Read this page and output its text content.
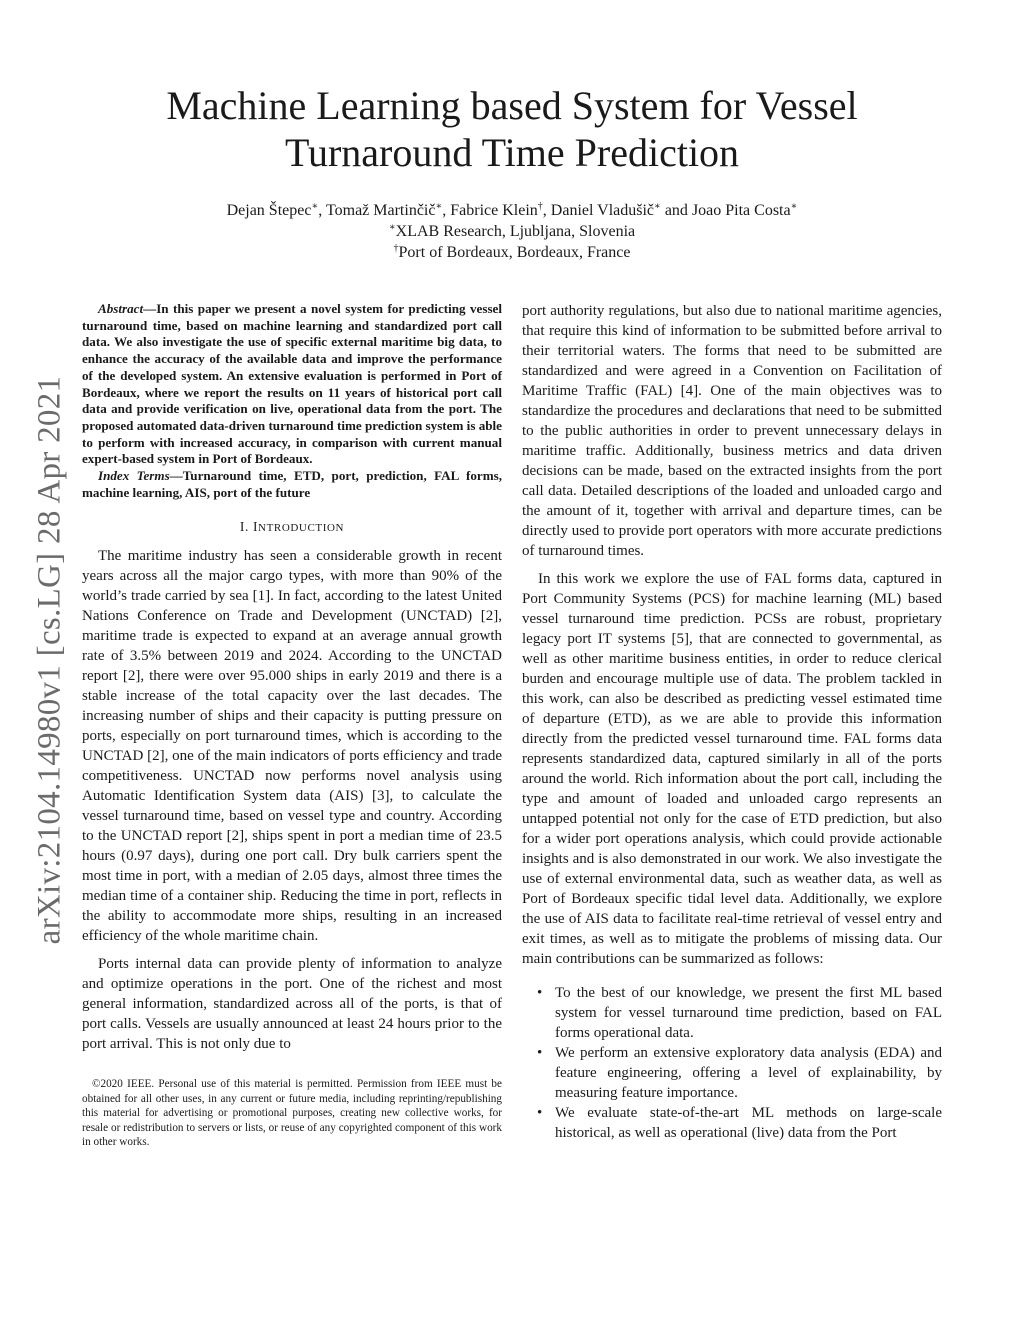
arXiv:2104.14980v1 [cs.LG] 28 Apr 2021
Machine Learning based System for Vessel
Turnaround Time Prediction
Dejan Štepec∗, Tomaž Martinčič∗, Fabrice Klein†, Daniel Vladušič∗ and Joao Pita Costa∗
∗XLAB Research, Ljubljana, Slovenia
†Port of Bordeaux, Bordeaux, France

Abstract—In this paper we present a novel system for predicting vessel turnaround time, based on machine learning and standardized port call data. We also investigate the use of specific external maritime big data, to enhance the accuracy of the available data and improve the performance of the developed system. An extensive evaluation is performed in Port of Bordeaux, where we report the results on 11 years of historical port call data and provide verification on live, operational data from the port. The proposed automated data-driven turnaround time prediction system is able to perform with increased accuracy, in comparison with current manual expert-based system in Port of Bordeaux.

Index Terms—Turnaround time, ETD, port, prediction, FAL forms, machine learning, AIS, port of the future

I. INTRODUCTION

The maritime industry has seen a considerable growth in recent years across all the major cargo types, with more than 90% of the world’s trade carried by sea [1]. In fact, according to the latest United Nations Conference on Trade and Development (UNCTAD) [2], maritime trade is expected to expand at an average annual growth rate of 3.5% between 2019 and 2024. According to the UNCTAD report [2], there were over 95.000 ships in early 2019 and there is a stable increase of the total capacity over the last decades. The increasing number of ships and their capacity is putting pressure on ports, especially on port turnaround times, which is according to the UNCTAD [2], one of the main indicators of ports efficiency and trade competitiveness. UNCTAD now performs novel analysis using Automatic Identification System data (AIS) [3], to calculate the vessel turnaround time, based on vessel type and country. According to the UNCTAD report [2], ships spent in port a median time of 23.5 hours (0.97 days), during one port call. Dry bulk carriers spent the most time in port, with a median of 2.05 days, almost three times the median time of a container ship. Reducing the time in port, reflects in the ability to accommodate more ships, resulting in an increased efficiency of the whole maritime chain.

Ports internal data can provide plenty of information to analyze and optimize operations in the port. One of the richest and most general information, standardized across all of the ports, is that of port calls. Vessels are usually announced at least 24 hours prior to the port arrival. This is not only due to

©2020 IEEE. Personal use of this material is permitted. Permission from IEEE must be obtained for all other uses, in any current or future media, including reprinting/republishing this material for advertising or promotional purposes, creating new collective works, for resale or redistribution to servers or lists, or reuse of any copyrighted component of this work in other works.

port authority regulations, but also due to national maritime agencies, that require this kind of information to be submitted before arrival to their territorial waters. The forms that need to be submitted are standardized and were agreed in a Convention on Facilitation of Maritime Traffic (FAL) [4]. One of the main objectives was to standardize the procedures and declarations that need to be submitted to the public authorities in order to prevent unnecessary delays in maritime traffic. Additionally, business metrics and data driven decisions can be made, based on the extracted insights from the port call data. Detailed descriptions of the loaded and unloaded cargo and the amount of it, together with arrival and departure times, can be directly used to provide port operators with more accurate predictions of turnaround times.

In this work we explore the use of FAL forms data, captured in Port Community Systems (PCS) for machine learning (ML) based vessel turnaround time prediction. PCSs are robust, proprietary legacy port IT systems [5], that are connected to governmental, as well as other maritime business entities, in order to reduce clerical burden and encourage multiple use of data. The problem tackled in this work, can also be described as predicting vessel estimated time of departure (ETD), as we are able to provide this information directly from the predicted vessel turnaround time. FAL forms data represents standardized data, captured similarly in all of the ports around the world. Rich information about the port call, including the type and amount of loaded and unloaded cargo represents an untapped potential not only for the case of ETD prediction, but also for a wider port operations analysis, which could provide actionable insights and is also demonstrated in our work. We also investigate the use of external environmental data, such as weather data, as well as Port of Bordeaux specific tidal level data. Additionally, we explore the use of AIS data to facilitate real-time retrieval of vessel entry and exit times, as well as to mitigate the problems of missing data. Our main contributions can be summarized as follows:

• To the best of our knowledge, we present the first ML based system for vessel turnaround time prediction, based on FAL forms operational data.
• We perform an extensive exploratory data analysis (EDA) and feature engineering, offering a level of explainability, by measuring feature importance.
• We evaluate state-of-the-art ML methods on large-scale historical, as well as operational (live) data from the Port
